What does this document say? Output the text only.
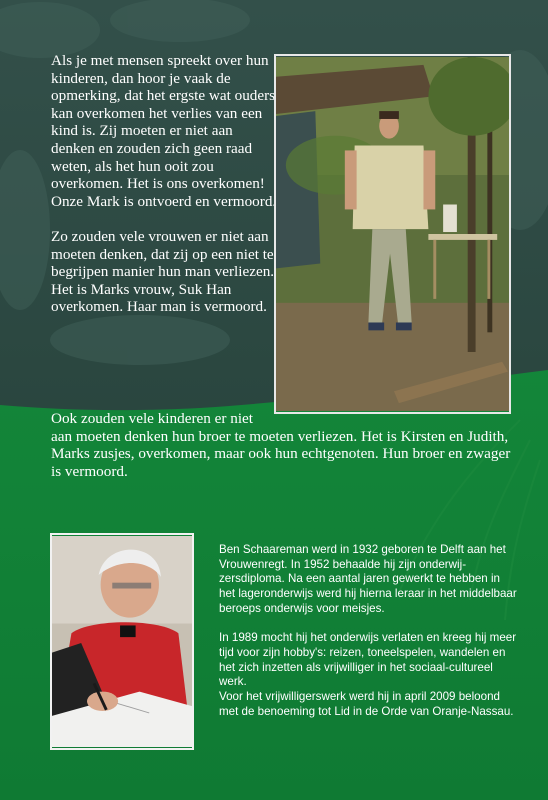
Als je met mensen spreekt over hun kinderen, dan hoor je vaak de opmerking, dat het ergste wat ouders kan overkomen het verlies van een kind is. Zij moeten er niet aan denken en zouden zich geen raad weten, als het hun ooit zou overkomen. Het is ons overkomen!
Onze Mark is ontvoerd en vermoord.

Zo zouden vele vrouwen er niet aan moeten denken, dat zij op een niet te begrijpen manier hun man verliezen. Het is Marks vrouw, Suk Han overkomen. Haar man is vermoord.

Ook zouden vele kinderen er niet
aan moeten denken hun broer te moeten verliezen. Het is Kirsten en Judith, Marks zusjes, overkomen, maar ook hun echtgenoten. Hun broer en zwager is vermoord.

Ben Schaareman werd in 1932 geboren te Delft aan het Vrouwenregt. In 1952 behaalde hij zijn onderwij-zersdiploma. Na een aantal jaren gewerkt te hebben in het lageronderwijs werd hij hierna leraar in het middelbaar beroeps onderwijs voor meisjes.

In 1989 mocht hij het onderwijs verlaten en kreeg hij meer tijd voor zijn hobby's: reizen, toneelspelen, wandelen en het zich inzetten als vrijwilliger in het sociaal-cultureel werk.
Voor het vrijwilligerswerk werd hij in april 2009 beloond met de benoeming tot Lid in de Orde van Oranje-Nassau.
